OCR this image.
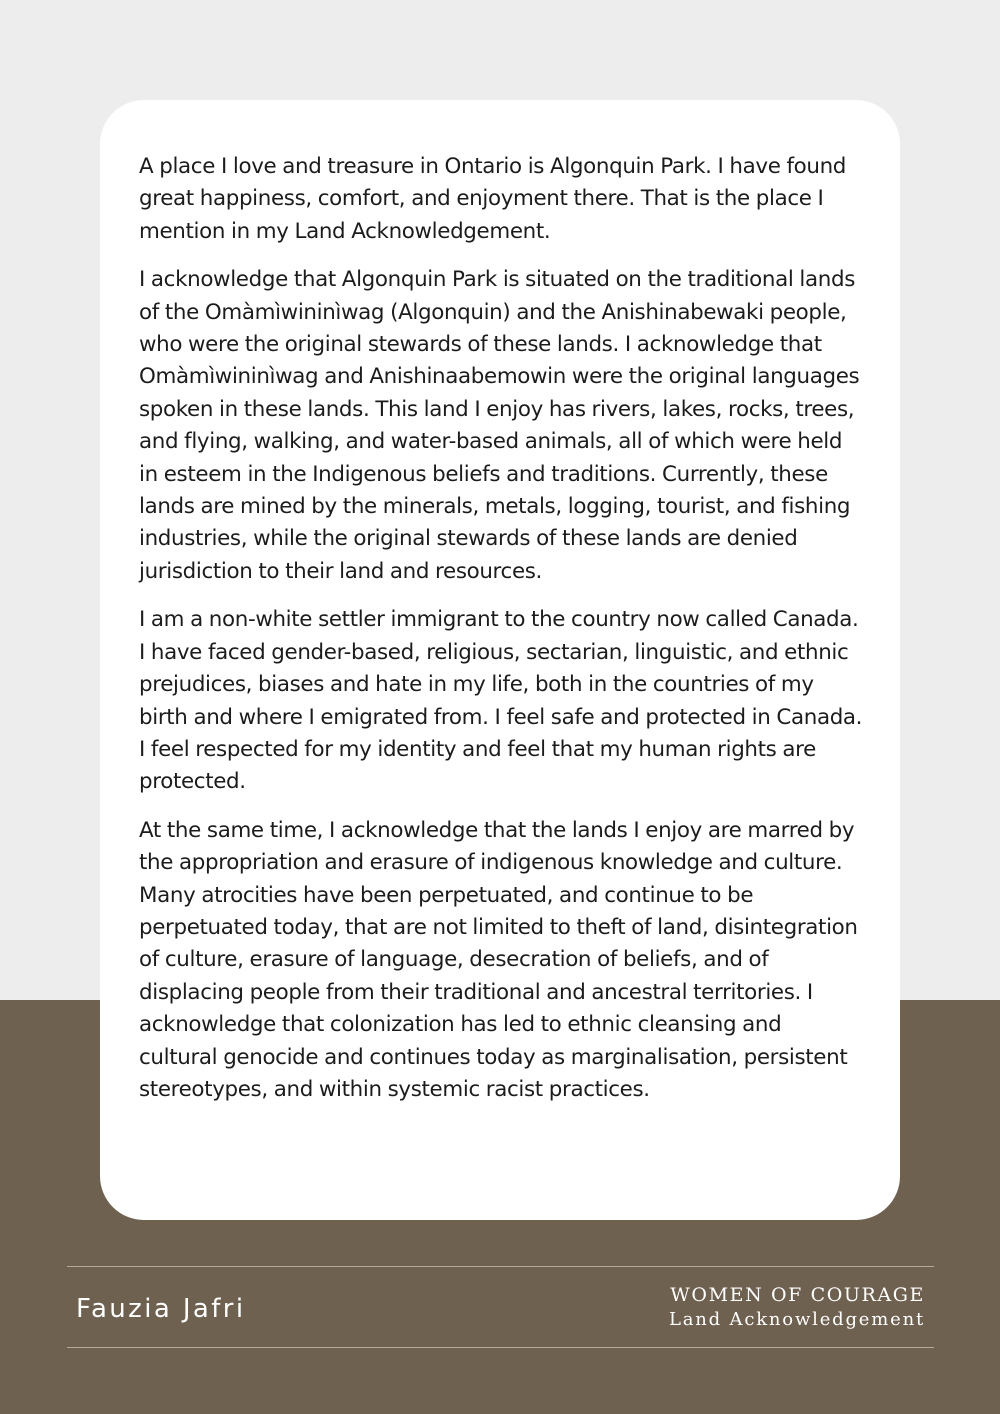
A place I love and treasure in Ontario is Algonquin Park. I have found great happiness, comfort, and enjoyment there. That is the place I mention in my Land Acknowledgement.

I acknowledge that Algonquin Park is situated on the traditional lands of the Omàmìwininìwag (Algonquin) and the Anishinabewaki people, who were the original stewards of these lands. I acknowledge that Omàmìwininìwag and Anishinaabemowin were the original languages spoken in these lands. This land I enjoy has rivers, lakes, rocks, trees, and flying, walking, and water-based animals, all of which were held in esteem in the Indigenous beliefs and traditions. Currently, these lands are mined by the minerals, metals, logging, tourist, and fishing industries, while the original stewards of these lands are denied jurisdiction to their land and resources.

I am a non-white settler immigrant to the country now called Canada. I have faced gender-based, religious, sectarian, linguistic, and ethnic prejudices, biases and hate in my life, both in the countries of my birth and where I emigrated from. I feel safe and protected in Canada. I feel respected for my identity and feel that my human rights are protected.

At the same time, I acknowledge that the lands I enjoy are marred by the appropriation and erasure of indigenous knowledge and culture. Many atrocities have been perpetuated, and continue to be perpetuated today, that are not limited to theft of land, disintegration of culture, erasure of language, desecration of beliefs, and of displacing people from their traditional and ancestral territories. I acknowledge that colonization has led to ethnic cleansing and cultural genocide and continues today as marginalisation, persistent stereotypes, and within systemic racist practices.

Fauzia Jafri	WOMEN OF COURAGE
Land Acknowledgement
